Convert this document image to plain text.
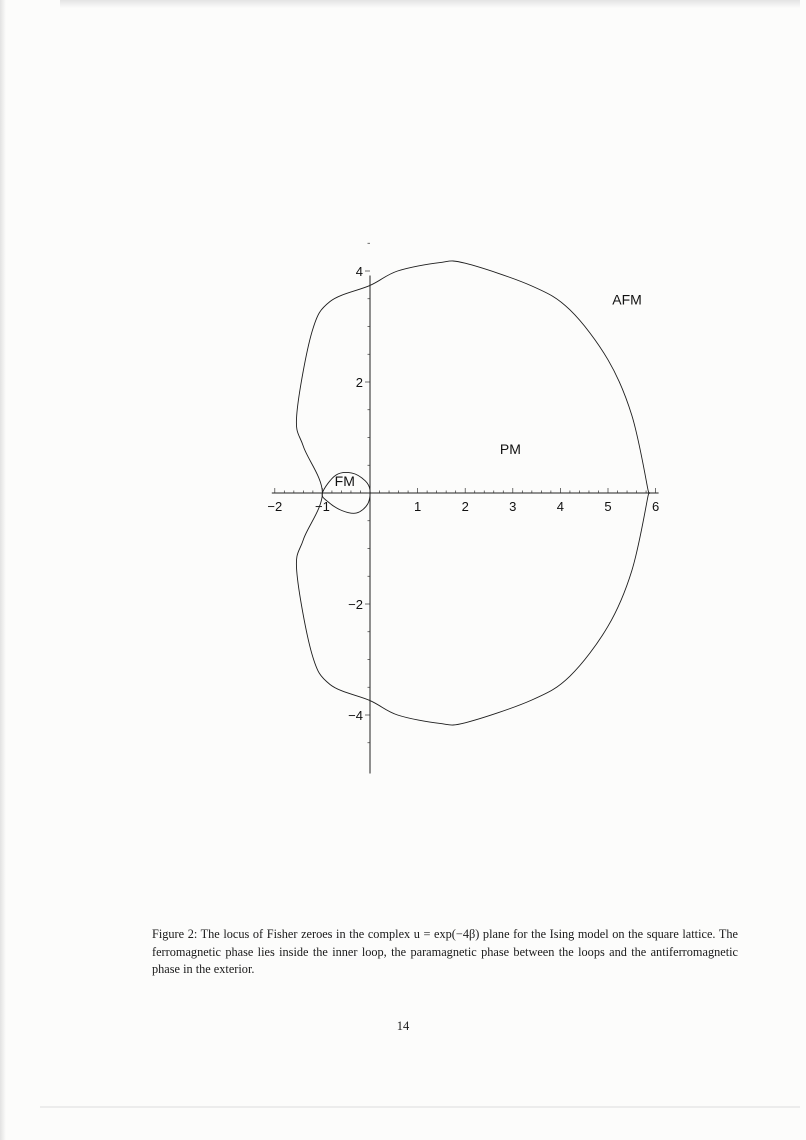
−2	−1	1	2	3	4	5	6
−4
−2
2
4
AFM
PM
FM
Figure 2: The locus of Fisher zeroes in the complex u = exp(−4β) plane for the Ising model on the square lattice. The ferromagnetic phase lies inside the inner loop, the paramagnetic phase between the loops and the antiferromagnetic phase in the exterior.
14
